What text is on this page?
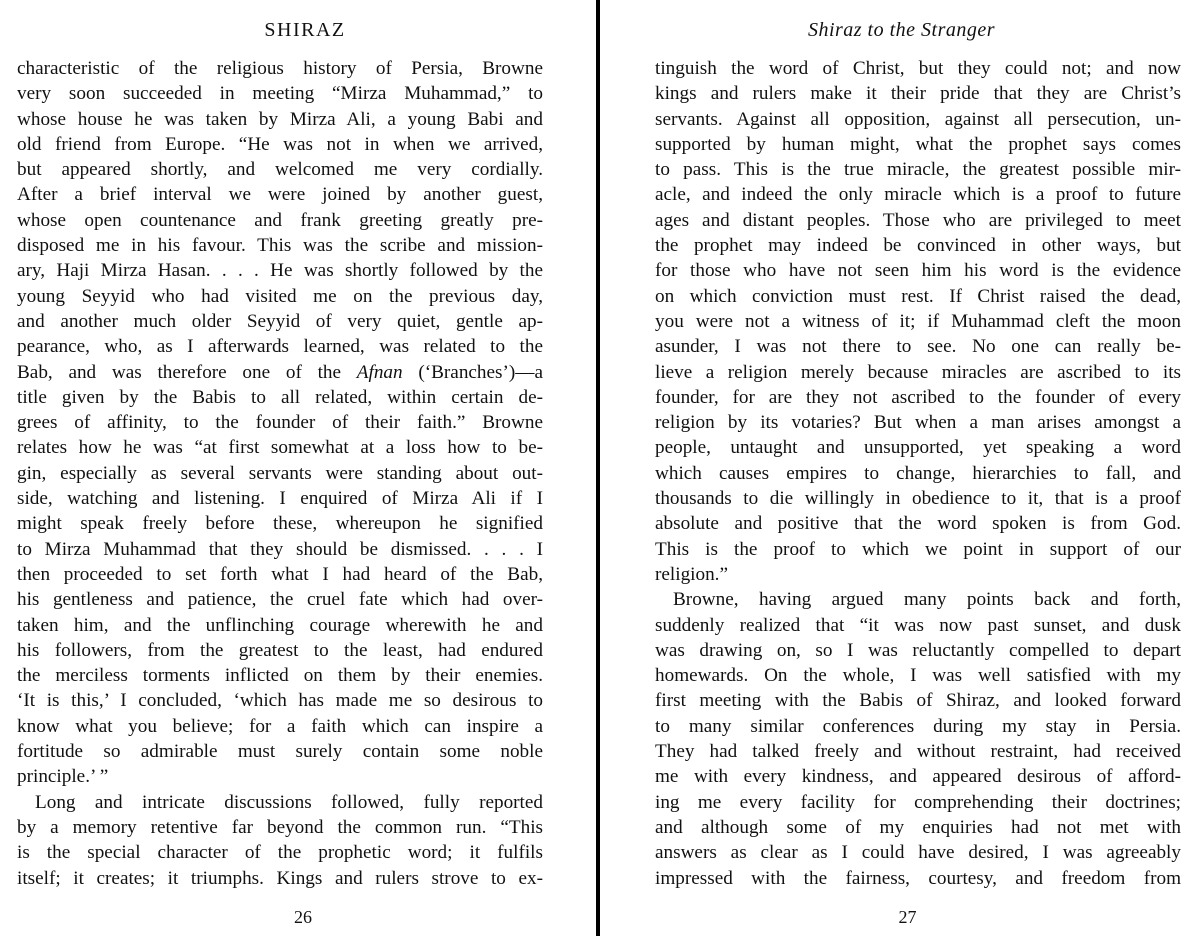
SHIRAZ
characteristic of the religious history of Persia, Browne
very soon succeeded in meeting “Mirza Muhammad,” to
whose house he was taken by Mirza Ali, a young Babi and
old friend from Europe. “He was not in when we arrived,
but appeared shortly, and welcomed me very cordially.
After a brief interval we were joined by another guest,
whose open countenance and frank greeting greatly pre-
disposed me in his favour. This was the scribe and mission-
ary, Haji Mirza Hasan. . . . He was shortly followed by the
young Seyyid who had visited me on the previous day,
and another much older Seyyid of very quiet, gentle ap-
pearance, who, as I afterwards learned, was related to the
Bab, and was therefore one of the Afnan (‘Branches’)—a
title given by the Babis to all related, within certain de-
grees of affinity, to the founder of their faith.” Browne
relates how he was “at first somewhat at a loss how to be-
gin, especially as several servants were standing about out-
side, watching and listening. I enquired of Mirza Ali if I
might speak freely before these, whereupon he signified
to Mirza Muhammad that they should be dismissed. . . . I
then proceeded to set forth what I had heard of the Bab,
his gentleness and patience, the cruel fate which had over-
taken him, and the unflinching courage wherewith he and
his followers, from the greatest to the least, had endured
the merciless torments inflicted on them by their enemies.
‘It is this,’ I concluded, ‘which has made me so desirous to
know what you believe; for a faith which can inspire a
fortitude so admirable must surely contain some noble
principle.’ ”
Long and intricate discussions followed, fully reported
by a memory retentive far beyond the common run. “This
is the special character of the prophetic word; it fulfils
itself; it creates; it triumphs. Kings and rulers strove to ex-
26
Shiraz to the Stranger
tinguish the word of Christ, but they could not; and now
kings and rulers make it their pride that they are Christ’s
servants. Against all opposition, against all persecution, un-
supported by human might, what the prophet says comes
to pass. This is the true miracle, the greatest possible mir-
acle, and indeed the only miracle which is a proof to future
ages and distant peoples. Those who are privileged to meet
the prophet may indeed be convinced in other ways, but
for those who have not seen him his word is the evidence
on which conviction must rest. If Christ raised the dead,
you were not a witness of it; if Muhammad cleft the moon
asunder, I was not there to see. No one can really be-
lieve a religion merely because miracles are ascribed to its
founder, for are they not ascribed to the founder of every
religion by its votaries? But when a man arises amongst a
people, untaught and unsupported, yet speaking a word
which causes empires to change, hierarchies to fall, and
thousands to die willingly in obedience to it, that is a proof
absolute and positive that the word spoken is from God.
This is the proof to which we point in support of our
religion.”
Browne, having argued many points back and forth,
suddenly realized that “it was now past sunset, and dusk
was drawing on, so I was reluctantly compelled to depart
homewards. On the whole, I was well satisfied with my
first meeting with the Babis of Shiraz, and looked forward
to many similar conferences during my stay in Persia.
They had talked freely and without restraint, had received
me with every kindness, and appeared desirous of afford-
ing me every facility for comprehending their doctrines;
and although some of my enquiries had not met with
answers as clear as I could have desired, I was agreeably
impressed with the fairness, courtesy, and freedom from
27
